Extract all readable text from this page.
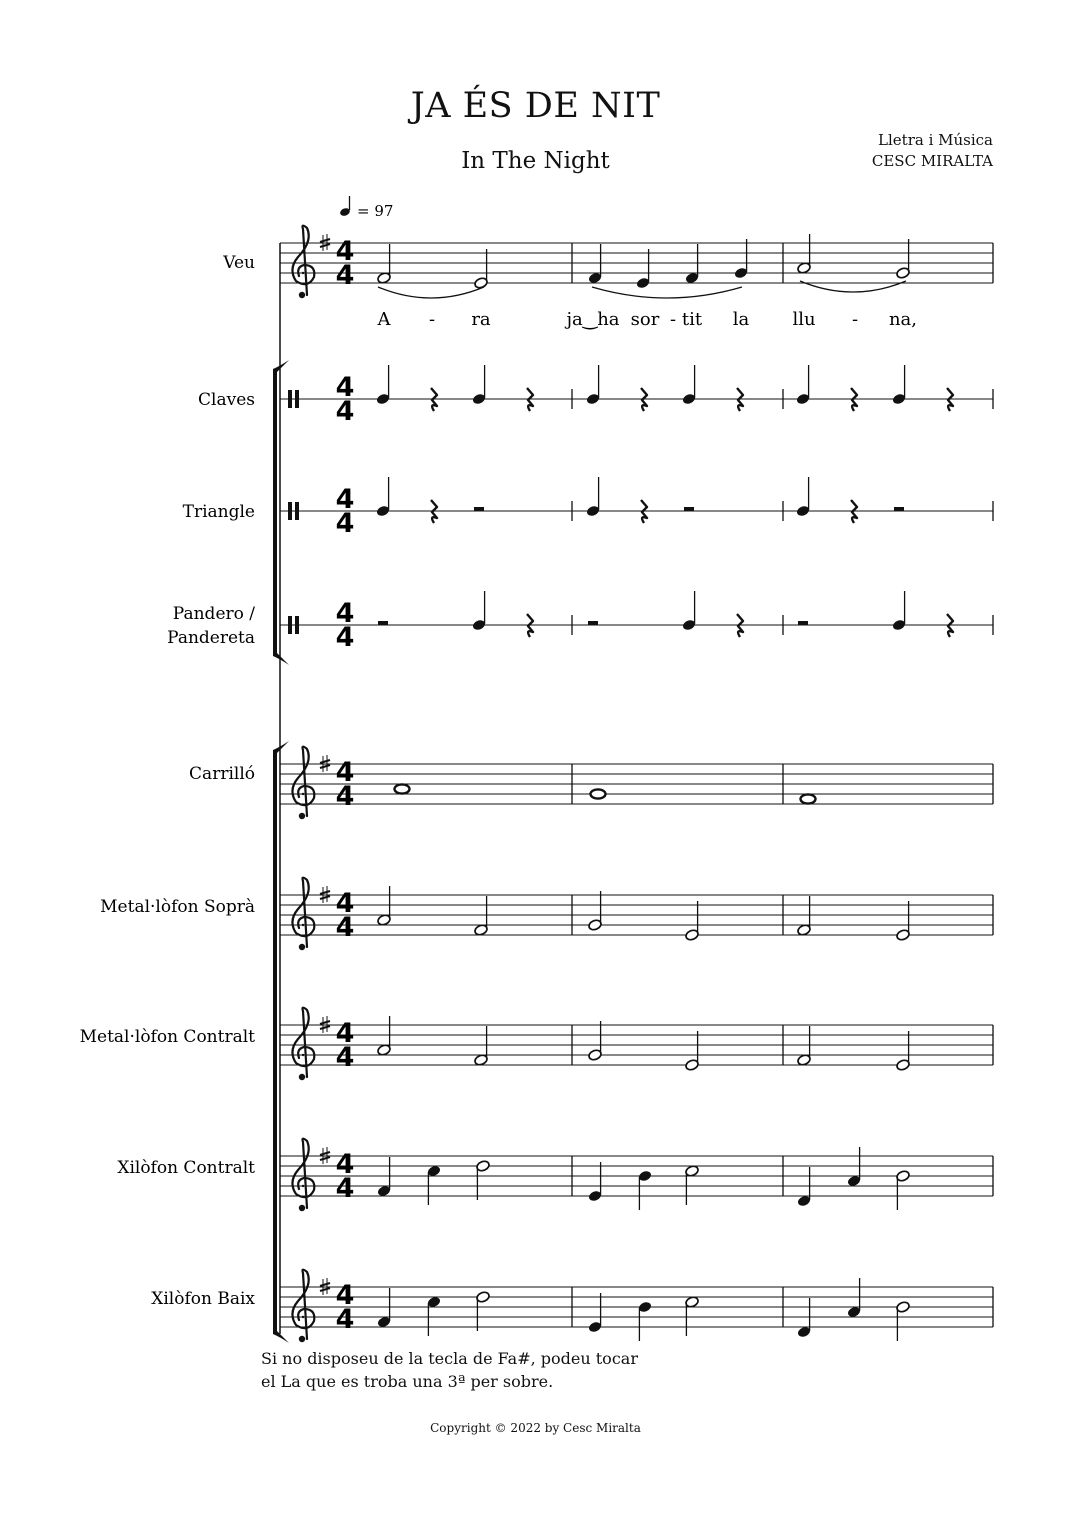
JA ÉS DE NIT
In The Night
Lletra i Música
CESC MIRALTA
= 97
Veu
Claves
Triangle
Pandero /
Pandereta
Carrilló
Metal·lòfon Soprà
Metal·lòfon Contralt
Xilòfon Contralt
Xilòfon Baix
4
4
4
4
4
4
4
4
4
4
4
4
4
4
4
4
4
4
A - ra	ja‿ha sor - tit la llu - na,
Si no disposeu de la tecla de Fa#, podeu tocar
el La que es troba una 3ª per sobre.
Copyright © 2022 by Cesc Miralta
